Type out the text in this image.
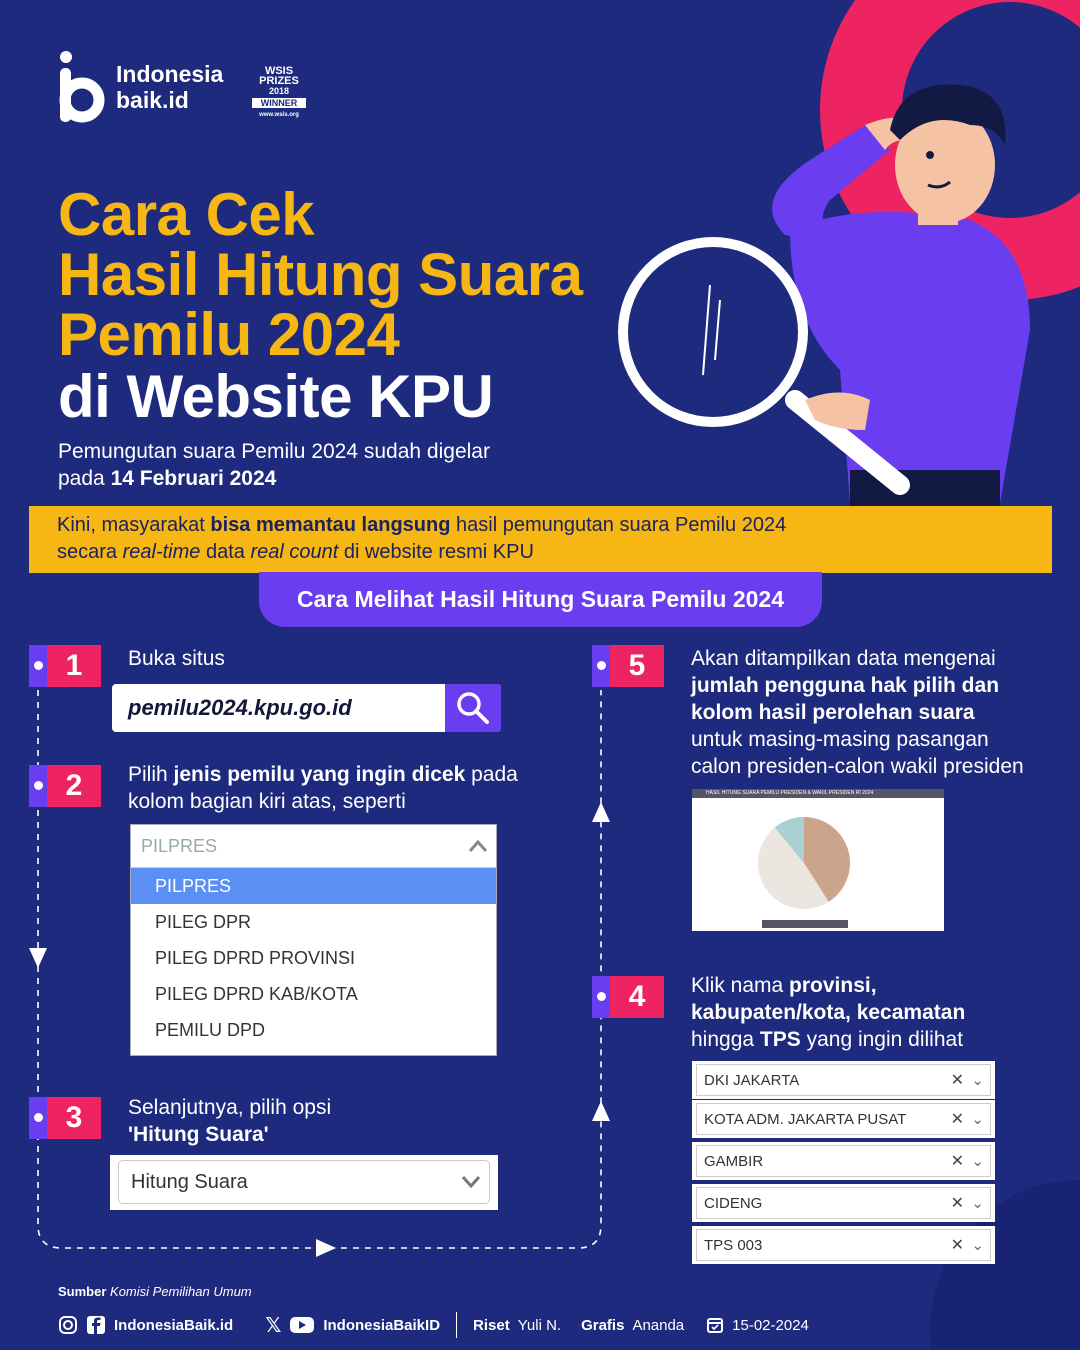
Indonesia
baik.id
WSIS
PRIZES
2018
WINNER
www.wsis.org
Cara Cek
Hasil Hitung Suara
Pemilu 2024
di Website KPU
Pemungutan suara Pemilu 2024 sudah digelar
pada 14 Februari 2024
Kini, masyarakat bisa memantau langsung hasil pemungutan suara Pemilu 2024
secara real-time data real count di website resmi KPU
Cara Melihat Hasil Hitung Suara Pemilu 2024
1	Buka situs
pemilu2024.kpu.go.id
2	Pilih jenis pemilu yang ingin dicek pada
kolom bagian kiri atas, seperti
PILPRES
PILPRES
PILEG DPR
PILEG DPRD PROVINSI
PILEG DPRD KAB/KOTA
PEMILU DPD
3	Selanjutnya, pilih opsi
'Hitung Suara'
Hitung Suara
5	Akan ditampilkan data mengenai
jumlah pengguna hak pilih dan
kolom hasil perolehan suara
untuk masing-masing pasangan
calon presiden-calon wakil presiden
HASIL HITUNG SUARA PEMILU PRESIDEN & WAKIL PRESIDEN RI 2024
4	Klik nama provinsi,
kabupaten/kota, kecamatan
hingga TPS yang ingin dilihat
DKI JAKARTA	✕ ⌄
KOTA ADM. JAKARTA PUSAT	✕ ⌄
GAMBIR	✕ ⌄
CIDENG	✕ ⌄
TPS 003	✕ ⌄
Sumber Komisi Pemilihan Umum
IndonesiaBaik.id 𝕏	IndonesiaBaikID Riset Yuli N. Grafis Ananda	15-02-2024
